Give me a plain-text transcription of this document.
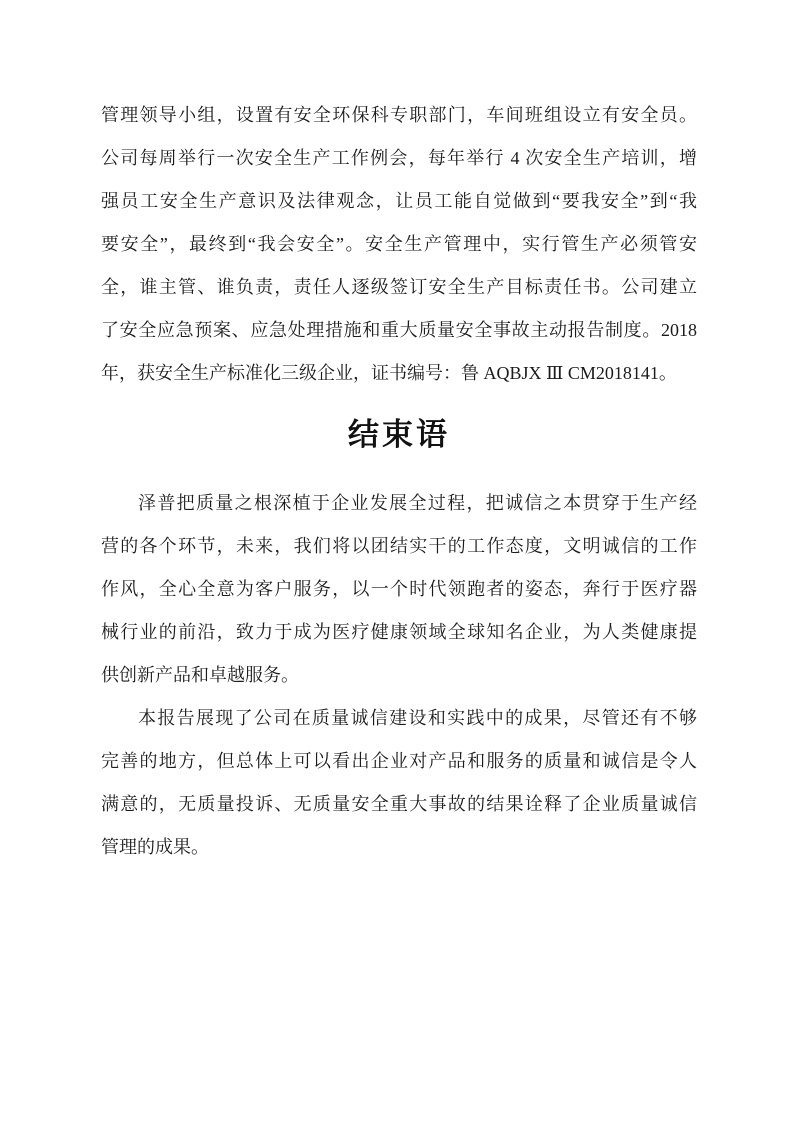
管理领导小组，设置有安全环保科专职部门，车间班组设立有安全员。
公司每周举行一次安全生产工作例会，每年举行 4 次安全生产培训，增
强员工安全生产意识及法律观念，让员工能自觉做到“要我安全”到“我
要安全”，最终到“我会安全”。安全生产管理中，实行管生产必须管安
全，谁主管、谁负责，责任人逐级签订安全生产目标责任书。公司建立
了安全应急预案、应急处理措施和重大质量安全事故主动报告制度。2018
年，获安全生产标准化三级企业，证书编号：鲁 AQBJX Ⅲ CM2018141。
结束语
泽普把质量之根深植于企业发展全过程，把诚信之本贯穿于生产经
营的各个环节，未来，我们将以团结实干的工作态度，文明诚信的工作
作风，全心全意为客户服务，以一个时代领跑者的姿态，奔行于医疗器
械行业的前沿，致力于成为医疗健康领域全球知名企业，为人类健康提
供创新产品和卓越服务。
本报告展现了公司在质量诚信建设和实践中的成果，尽管还有不够
完善的地方，但总体上可以看出企业对产品和服务的质量和诚信是令人
满意的，无质量投诉、无质量安全重大事故的结果诠释了企业质量诚信
管理的成果。
